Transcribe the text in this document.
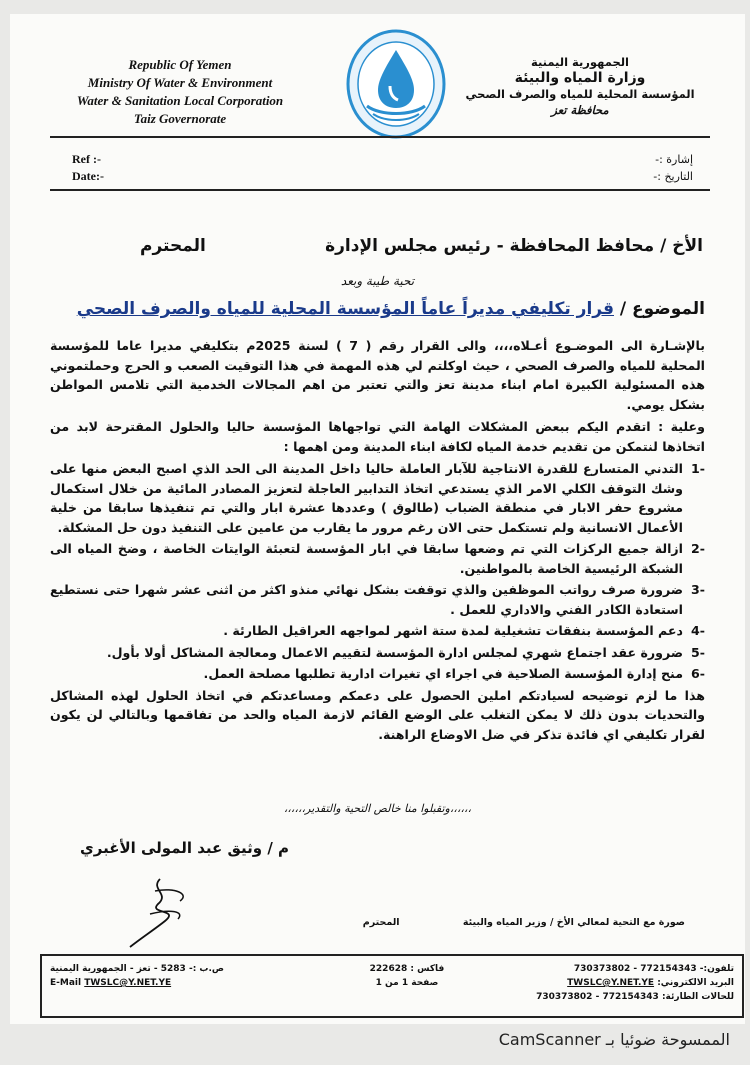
Republic Of Yemen
Ministry Of Water & Environment
Water & Sanitation Local Corporation
Taiz Governorate
الجمهورية اليمنية
وزارة المياه والبيئة
المؤسسة المحلية للمياه والصرف الصحي
محافظة تعز
Ref :-
Date:-
إشارة :-
التاريخ :-
الأخ / محافظ المحافظة - رئيس مجلس الإدارة
المحترم
تحية طيبة وبعد
الموضوع / قرار تكليفي مديراً عاماً المؤسسة المحلية للمياه والصرف الصحي

بالإشـارة الى الموضـوع أعـلاه،،،، والى القرار رقم ( 7 ) لسنة 2025م بتكليفي مديرا عاما للمؤسسة المحلية للمياه والصرف الصحي ، حيث اوكلتم لي هذه المهمة في هذا التوقيت الصعب و الحرج وحملتموني هذه المسئولية الكبيرة امام ابناء مدينة تعز والتي تعتبر من اهم المجالات الخدمية التي تلامس المواطن بشكل يومي.

وعلية : اتقدم اليكم ببعض المشكلات الهامة التي تواجهاها المؤسسة حاليا والحلول المقترحة لابد من اتخاذها لنتمكن من تقديم خدمة المياه لكافة ابناء المدينة ومن اهمها :

-1
التدني المتسارع للقدرة الانتاجية للآبار العاملة حاليا داخل المدينة الى الحد الذي اصبح البعض منها على وشك التوقف الكلي الامر الذي يستدعي اتخاذ التدابير العاجلة لتعزيز المصادر المائية من خلال استكمال مشروع حفر الابار في منطقة الضباب (طالوق ) وعددها عشرة ابار والتي تم تنفيذها سابقا من خلية الأعمال الانسانية ولم تستكمل حتى الان رغم مرور ما يقارب من عامين على التنفيذ دون حل المشكلة.
-2
ازالة جميع الركزات التي تم وضعها سابقا في ابار المؤسسة لتعبئة الوايتات الخاصة ، وضخ المياه الى الشبكة الرئيسية الخاصة بالمواطنين.
-3
ضرورة صرف رواتب الموظفين والذي توقفت بشكل نهائي منذو اكثر من اثنى عشر شهرا حتى نستطيع استعادة الكادر الفني والاداري للعمل .
-4
دعم المؤسسة بنفقات تشغيلية لمدة ستة اشهر لمواجهه العراقيل الطارئة .
-5
ضرورة عقد اجتماع شهري لمجلس ادارة المؤسسة لتقييم الاعمال ومعالجة المشاكل أولا بأول.
-6
منح إدارة المؤسسة الصلاحية في اجراء اي تغيرات ادارية تطلبها مصلحة العمل.

هذا ما لزم توضيحه لسيادتكم املين الحصول على دعمكم ومساعدتكم في اتخاذ الحلول لهذه المشاكل والتحديات بدون ذلك لا يمكن التغلب على الوضع القائم لازمة المياه والحد من تفاقمها وبالتالي لن يكون لقرار تكليفي اي فائدة تذكر في ضل الاوضاع الراهنة.

،،،،،،وتقبلوا منا خالص التحية والتقدير،،،،،،
م / وثيق عبد المولى الأغبري
صورة مع التحية لمعالي الأخ / وزير المياه والبيئة المحترم
تلفون:- 772154343 - 730373802
البريد الالكتروني: TWSLC@Y.NET.YE
للحالات الطارئة: 772154343 - 730373802
فاكس : 222628
صفحة 1 من 1
ص.ب :- 5283 - تعز - الجمهورية اليمنية
E-Mail TWSLC@Y.NET.YE
الممسوحة ضوئيا بـ CamScanner
